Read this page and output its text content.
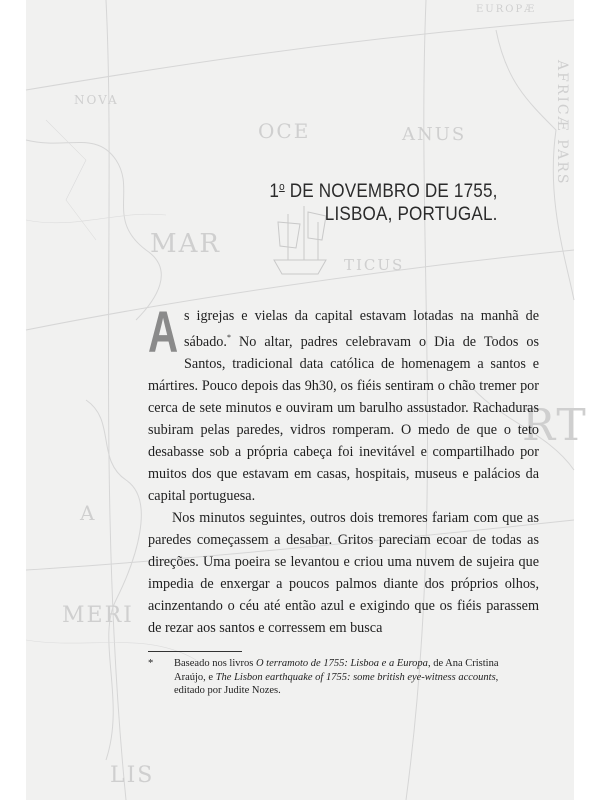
EUROPÆ
NOVA
OCE	ANUS
MAR
TICUS
RT
MERI
LIS
A
AFRICÆ PARS
1$^o$ DE NOVEMBRO DE 1755,
LISBOA, PORTUGAL.

As igrejas e vielas da capital estavam lotadas na manhã de sábado.* No altar, padres celebravam o Dia de Todos os Santos, tradicional data católica de homenagem a santos e mártires. Pouco depois das 9h30, os fiéis sentiram o chão tremer por cerca de sete minutos e ouviram um barulho assustador. Rachaduras subiram pelas paredes, vidros romperam. O medo de que o teto desabasse sob a própria cabeça foi inevitável e compartilhado por muitos dos que estavam em casas, hospitais, museus e palácios da capital portuguesa.

Nos minutos seguintes, outros dois tremores fariam com que as paredes começassem a desabar. Gritos pareciam ecoar de todas as direções. Uma poeira se levantou e criou uma nuvem de sujeira que impedia de enxergar a poucos palmos diante dos próprios olhos, acinzentando o céu até então azul e exigindo que os fiéis parassem de rezar aos santos e corressem em busca

* Baseado nos livros O terramoto de 1755: Lisboa e a Europa, de Ana Cristina Araújo, e The Lisbon earthquake of 1755: some british eye-witness accounts, editado por Judite Nozes.
